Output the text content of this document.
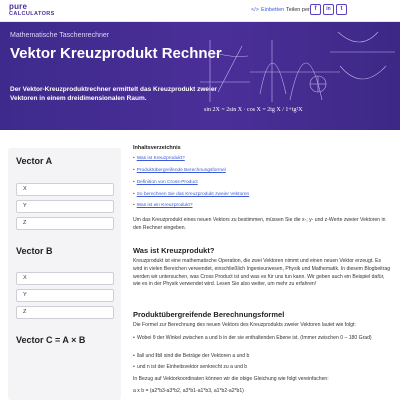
pure
CALCULATORS
</> Einbetten Teilen per f	in	t
Mathematische Taschenrechner
Vektor Kreuzprodukt Rechner

Der Vektor-Kreuzproduktrechner ermittelt das Kreuzprodukt zweier Vektoren in einem dreidimensionalen Raum.

sin 2X = 2sin X · cos X = 2tg X / 1+tg²X
Vector A
X
Y
Z
Vector B
X
Y
Z
Vector C = A × B
Inhaltsverzeichnis
• Was ist Kreuzprodukt?
• Produktübergreifende Berechnungsformel
• Definition von Cross-Product
• So berechnen Sie das Kreuzprodukt zweier Vektoren
• Was ist ein Kreuzprodukt?
Um das Kreuzprodukt eines neuen Vektors zu bestimmen, müssen Sie die x-, y- und z-Werte zweier Vektoren in den Rechner eingeben.
Was ist Kreuzprodukt?
Kreuzprodukt ist eine mathematische Operation, die zwei Vektoren nimmt und einen neuen Vektor erzeugt. Es wird in vielen Bereichen verwendet, einschließlich Ingenieurwesen, Physik und Mathematik. In diesem Blogbeitrag werden wir untersuchen, was Cross Product ist und was es für uns tun kann. Wir geben auch ein Beispiel dafür, wie es in der Physik verwendet wird. Lesen Sie also weiter, um mehr zu erfahren!
Produktübergreifende Berechnungsformel
Die Formel zur Berechnung des neuen Vektors des Kreuzprodukts zweier Vektoren lautet wie folgt:
• Wobei θ der Winkel zwischen a und b in der sie enthaltenden Ebene ist. (Immer zwischen 0 – 180 Grad)
• ‖a‖ und ‖b‖ sind die Beträge der Vektoren a und b
• und n ist der Einheitsvektor senkrecht zu a und b
In Bezug auf Vektorkoordinaten können wir die obige Gleichung wie folgt vereinfachen:
a x b = (a2*b3-a3*b2, a3*b1-a1*b3, a1*b2-a2*b1)
